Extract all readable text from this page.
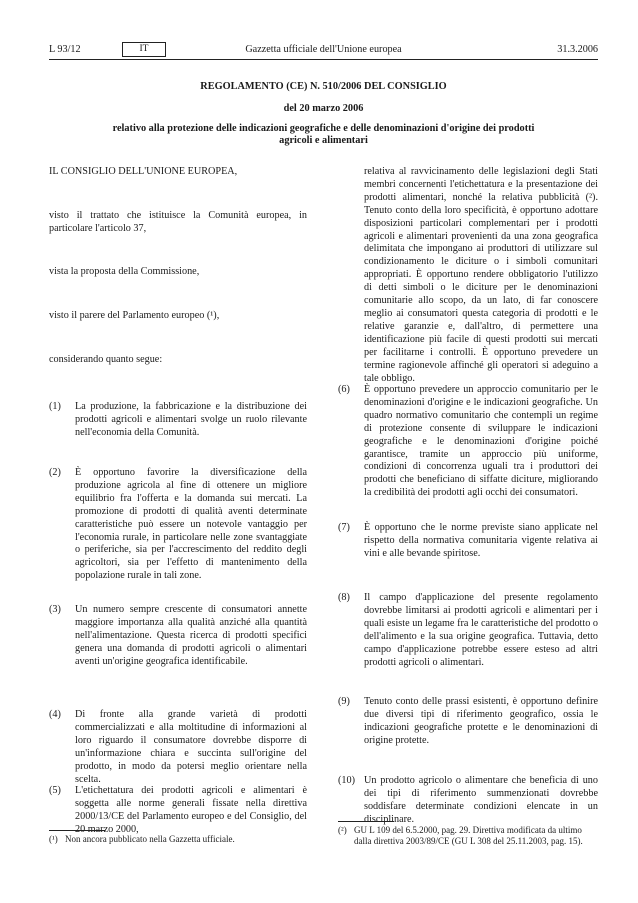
L 93/12	Gazzetta ufficiale dell'Unione europea
IT	31.3.2006
REGOLAMENTO (CE) N. 510/2006 DEL CONSIGLIO
del 20 marzo 2006
relativo alla protezione delle indicazioni geografiche e delle denominazioni d'origine dei prodotti
agricoli e alimentari
IL CONSIGLIO DELL'UNIONE EUROPEA,
visto il trattato che istituisce la Comunità europea, in particolare l'articolo 37,
vista la proposta della Commissione,
visto il parere del Parlamento europeo (¹),
considerando quanto segue:
(1) La produzione, la fabbricazione e la distribuzione dei prodotti agricoli e alimentari svolge un ruolo rilevante nell'economia della Comunità.
(2) È opportuno favorire la diversificazione della produzione agricola al fine di ottenere un migliore equilibrio fra l'offerta e la domanda sui mercati. La promozione di prodotti di qualità aventi determinate caratteristiche può essere un notevole vantaggio per l'economia rurale, in particolare nelle zone svantaggiate o periferiche, sia per l'accrescimento del reddito degli agricoltori, sia per l'effetto di mantenimento della popolazione rurale in tali zone.
(3) Un numero sempre crescente di consumatori annette maggiore importanza alla qualità anziché alla quantità nell'alimentazione. Questa ricerca di prodotti specifici genera una domanda di prodotti agricoli o alimentari aventi un'origine geografica identificabile.
(4) Di fronte alla grande varietà di prodotti commercializzati e alla moltitudine di informazioni al loro riguardo il consumatore dovrebbe disporre di un'informazione chiara e succinta sull'origine del prodotto, in modo da potersi meglio orientare nella scelta.
(5) L'etichettatura dei prodotti agricoli e alimentari è soggetta alle norme generali fissate nella direttiva 2000/13/CE del Parlamento europeo e del Consiglio, del 20 marzo 2000,
(¹) Non ancora pubblicato nella Gazzetta ufficiale.
relativa al ravvicinamento delle legislazioni degli Stati membri concernenti l'etichettatura e la presentazione dei prodotti alimentari, nonché la relativa pubblicità (²). Tenuto conto della loro specificità, è opportuno adottare disposizioni particolari complementari per i prodotti agricoli e alimentari provenienti da una zona geografica delimitata che impongano ai produttori di utilizzare sul condizionamento le diciture o i simboli comunitari appropriati. È opportuno rendere obbligatorio l'utilizzo di detti simboli o le diciture per le denominazioni comunitarie allo scopo, da un lato, di far conoscere meglio ai consumatori questa categoria di prodotti e le relative garanzie e, dall'altro, di permettere una identificazione più facile di questi prodotti sui mercati per facilitarne i controlli. È opportuno prevedere un termine ragionevole affinché gli operatori si adeguino a tale obbligo.
(6) È opportuno prevedere un approccio comunitario per le denominazioni d'origine e le indicazioni geografiche. Un quadro normativo comunitario che contempli un regime di protezione consente di sviluppare le indicazioni geografiche e le denominazioni d'origine poiché garantisce, tramite un approccio più uniforme, condizioni di concorrenza uguali tra i produttori dei prodotti che beneficiano di siffatte diciture, migliorando la credibilità dei prodotti agli occhi dei consumatori.
(7) È opportuno che le norme previste siano applicate nel rispetto della normativa comunitaria vigente relativa ai vini e alle bevande spiritose.
(8) Il campo d'applicazione del presente regolamento dovrebbe limitarsi ai prodotti agricoli e alimentari per i quali esiste un legame fra le caratteristiche del prodotto o dell'alimento e la sua origine geografica. Tuttavia, detto campo d'applicazione potrebbe essere esteso ad altri prodotti agricoli o alimentari.
(9) Tenuto conto delle prassi esistenti, è opportuno definire due diversi tipi di riferimento geografico, ossia le indicazioni geografiche protette e le denominazioni di origine protette.
(10) Un prodotto agricolo o alimentare che beneficia di uno dei tipi di riferimento summenzionati dovrebbe soddisfare determinate condizioni elencate in un disciplinare.
(²) GU L 109 del 6.5.2000, pag. 29. Direttiva modificata da ultimo dalla direttiva 2003/89/CE (GU L 308 del 25.11.2003, pag. 15).
